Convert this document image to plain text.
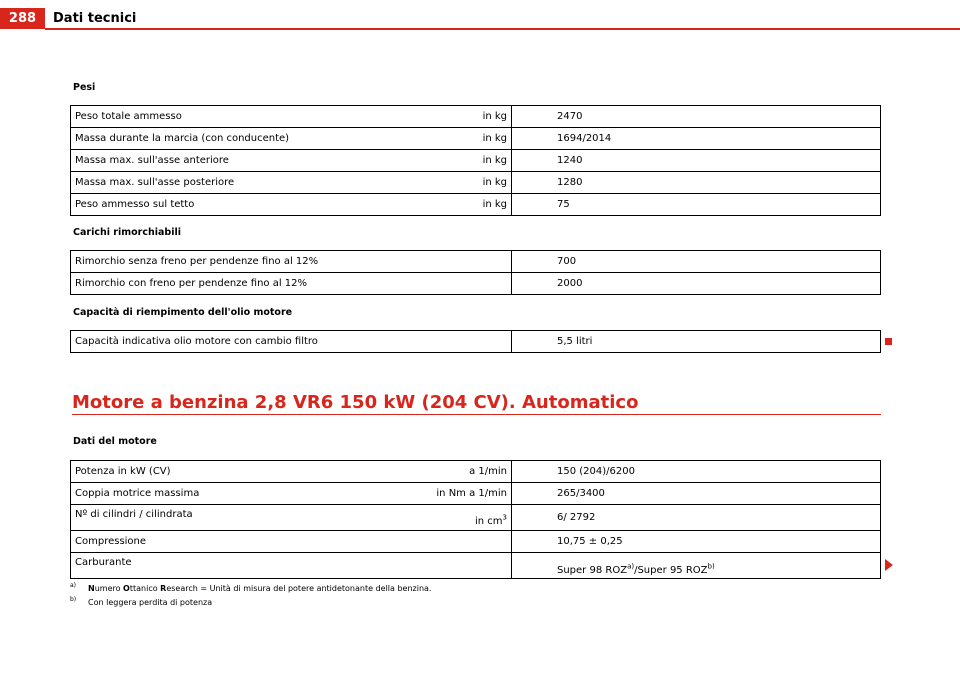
288	Dati tecnici
Pesi
Peso totale ammesso	in kg	2470
Massa durante la marcia (con conducente)	in kg	1694/2014
Massa max. sull'asse anteriore	in kg	1240
Massa max. sull'asse posteriore	in kg	1280
Peso ammesso sul tetto	in kg	75
Carichi rimorchiabili
Rimorchio senza freno per pendenze fino al 12%	700
Rimorchio con freno per pendenze fino al 12%	2000
Capacità di riempimento dell'olio motore
Capacità indicativa olio motore con cambio filtro	5,5 litri
Motore a benzina 2,8 VR6 150 kW (204 CV). Automatico
Dati del motore
Potenza in kW (CV)	a 1/min	150 (204)/6200
Coppia motrice massima	in Nm a 1/min	265/3400
Nº di cilindri / cilindrata	in $cm^3$	6/ 2792
Compressione		10,75 ± 0,25
Carburante		Super 98 ROZ$^{a)}$/Super 95 ROZ$^{b)}$
$^{a)}$ Numero Ottanico Research = Unità di misura del potere antidetonante della benzina.
$^{b)}$ Con leggera perdita di potenza
